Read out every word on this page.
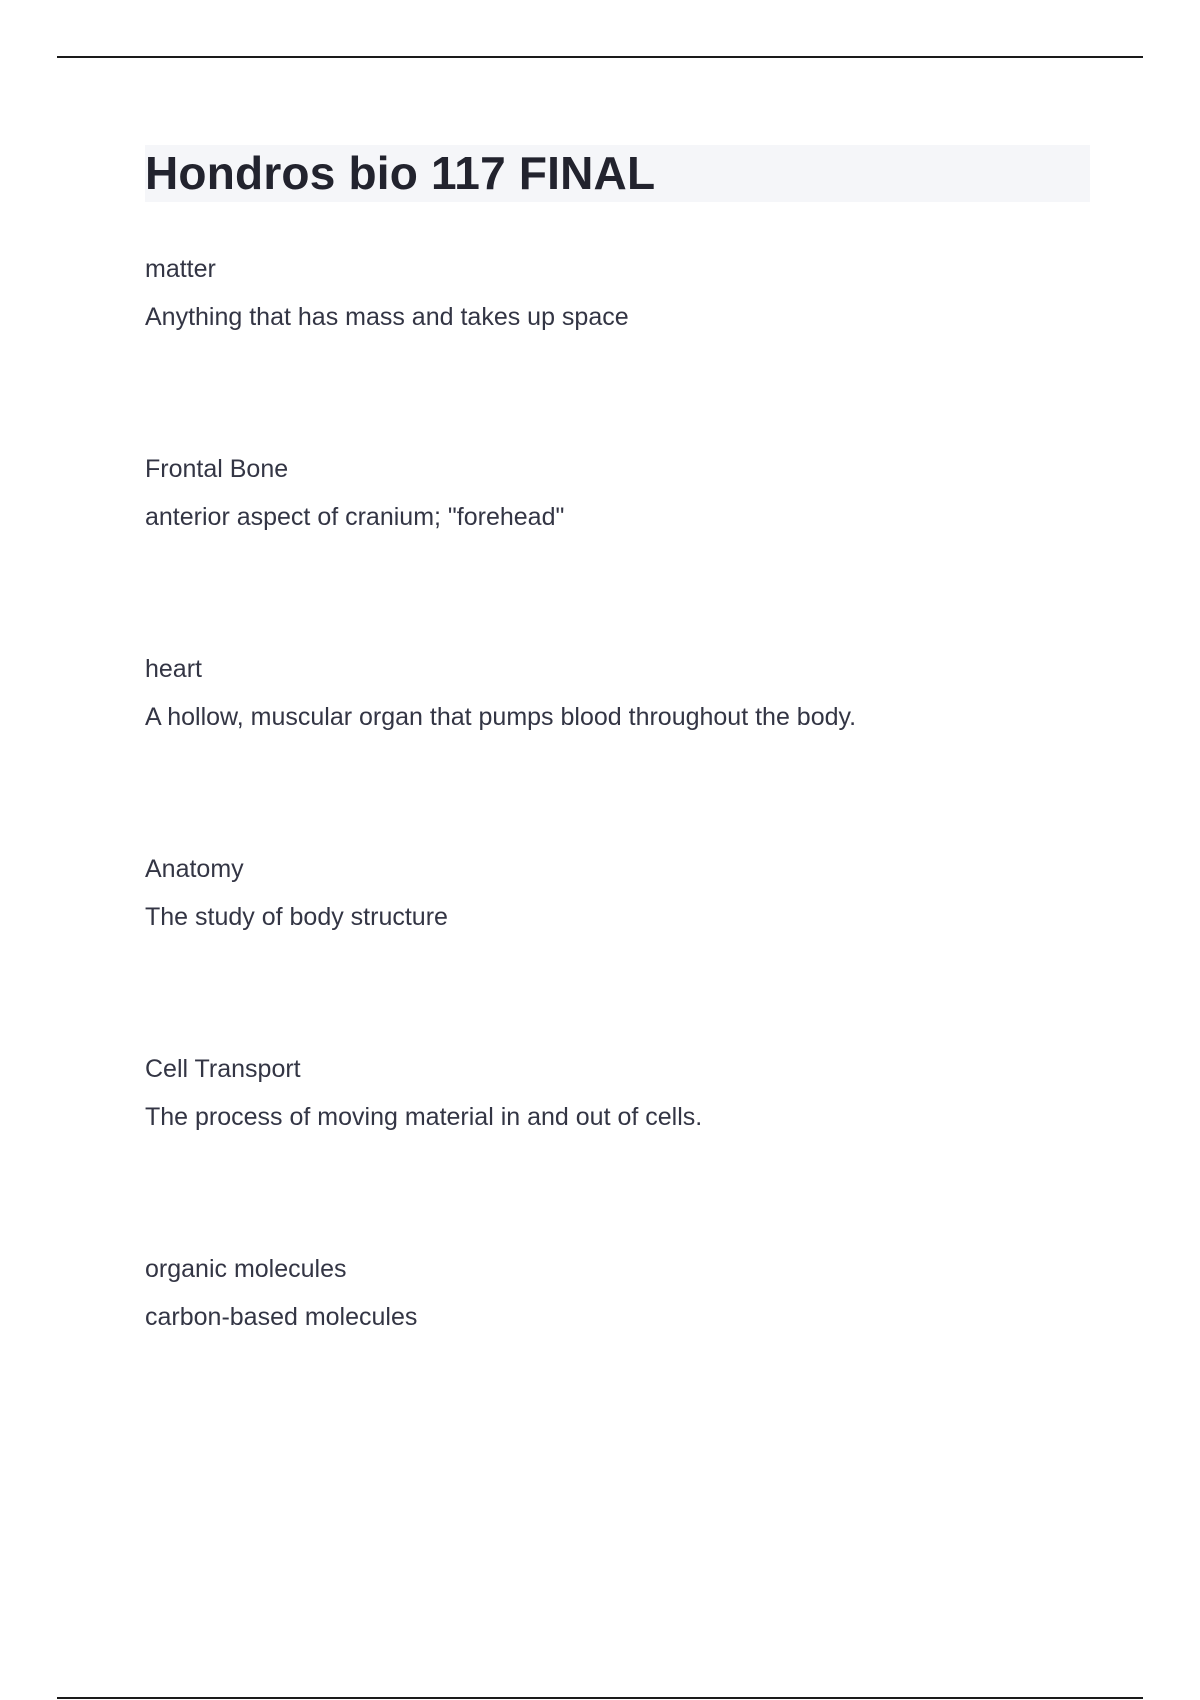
Hondros bio 117 FINAL

matter

Anything that has mass and takes up space

Frontal Bone

anterior aspect of cranium; "forehead"

heart

A hollow, muscular organ that pumps blood throughout the body.

Anatomy

The study of body structure

Cell Transport

The process of moving material in and out of cells.

organic molecules

carbon-based molecules
